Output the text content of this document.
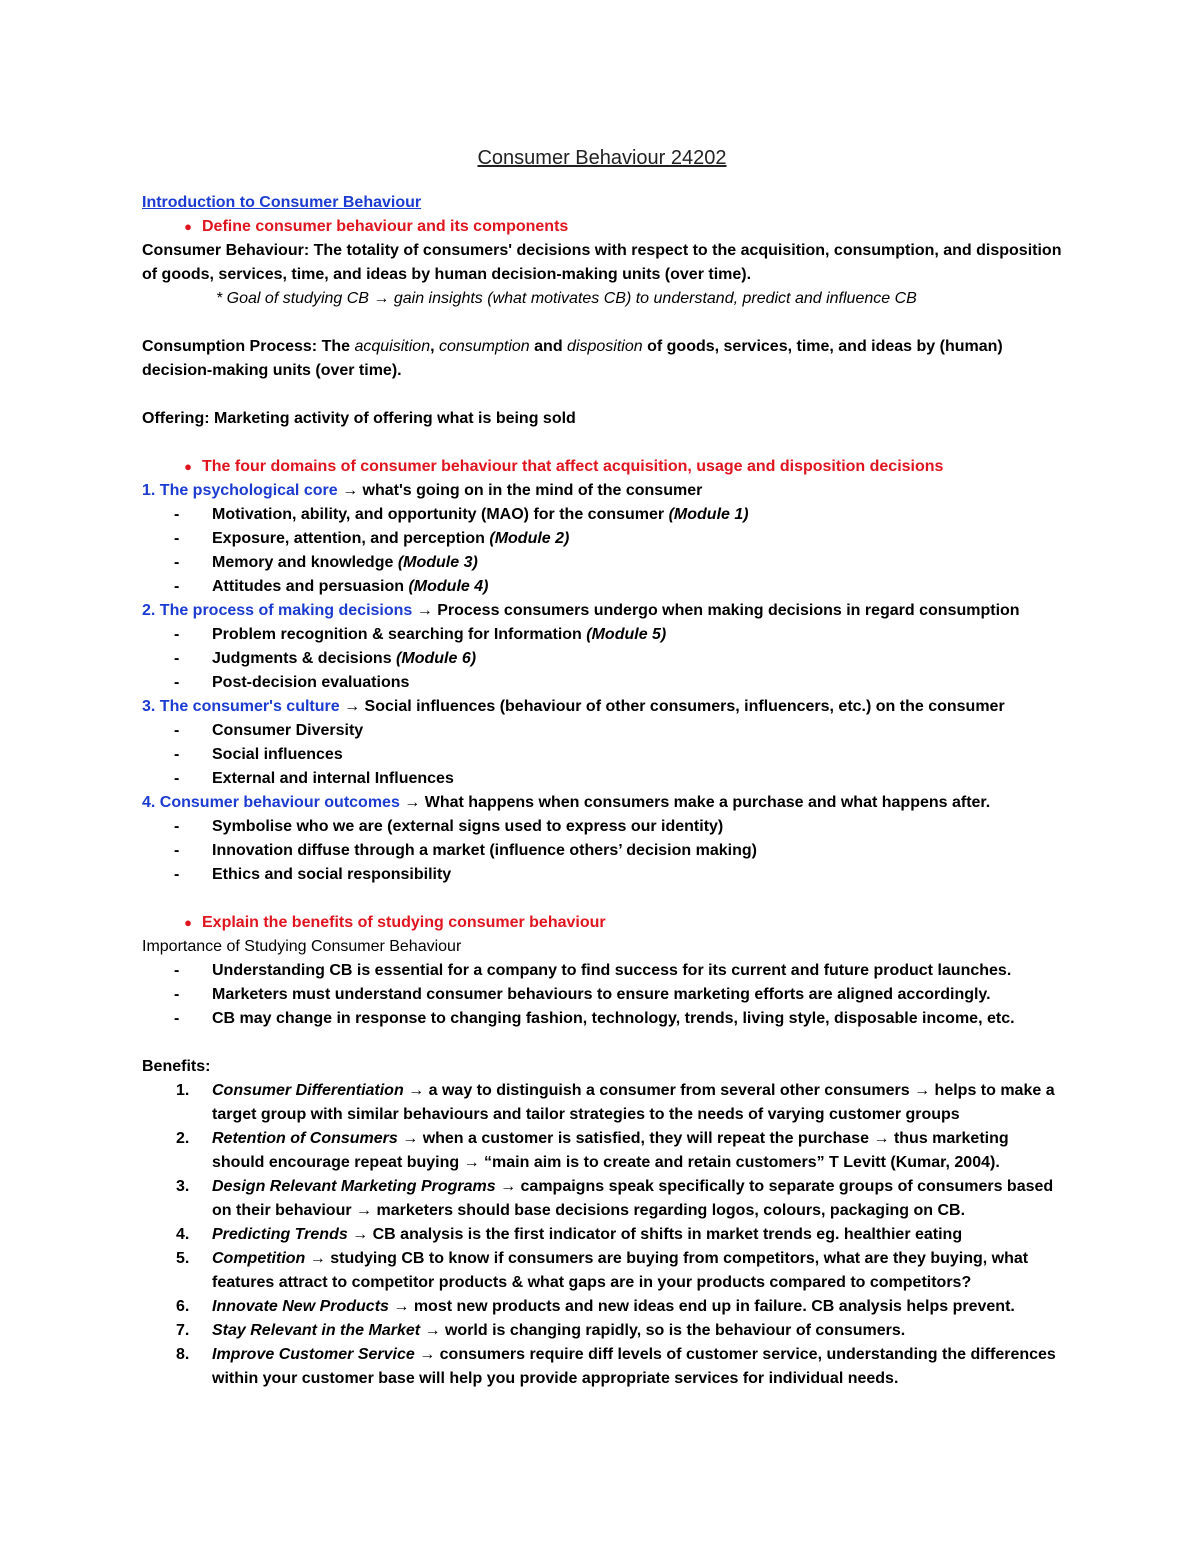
Consumer Behaviour 24202
Introduction to Consumer Behaviour
● Define consumer behaviour and its components
Consumer Behaviour: The totality of consumers' decisions with respect to the acquisition, consumption, and disposition of goods, services, time, and ideas by human decision-making units (over time).
* Goal of studying CB → gain insights (what motivates CB) to understand, predict and influence CB
Consumption Process: The acquisition, consumption and disposition of goods, services, time, and ideas by (human) decision-making units (over time).
Offering: Marketing activity of offering what is being sold
● The four domains of consumer behaviour that affect acquisition, usage and disposition decisions
1. The psychological core → what's going on in the mind of the consumer
-	Motivation, ability, and opportunity (MAO) for the consumer (Module 1)
-	Exposure, attention, and perception (Module 2)
-	Memory and knowledge (Module 3)
-	Attitudes and persuasion (Module 4)
2. The process of making decisions → Process consumers undergo when making decisions in regard consumption
-	Problem recognition & searching for Information (Module 5)
-	Judgments & decisions (Module 6)
-	Post-decision evaluations
3. The consumer's culture → Social influences (behaviour of other consumers, influencers, etc.) on the consumer
-	Consumer Diversity
-	Social influences
-	External and internal Influences
4. Consumer behaviour outcomes → What happens when consumers make a purchase and what happens after.
-	Symbolise who we are (external signs used to express our identity)
-	Innovation diffuse through a market (influence others’ decision making)
-	Ethics and social responsibility
● Explain the benefits of studying consumer behaviour
Importance of Studying Consumer Behaviour
-	Understanding CB is essential for a company to find success for its current and future product launches.
-	Marketers must understand consumer behaviours to ensure marketing efforts are aligned accordingly.
-	CB may change in response to changing fashion, technology, trends, living style, disposable income, etc.
Benefits:
1.	Consumer Differentiation → a way to distinguish a consumer from several other consumers → helps to make a target group with similar behaviours and tailor strategies to the needs of varying customer groups
2.	Retention of Consumers → when a customer is satisfied, they will repeat the purchase → thus marketing should encourage repeat buying → “main aim is to create and retain customers” T Levitt (Kumar, 2004).
3.	Design Relevant Marketing Programs → campaigns speak specifically to separate groups of consumers based on their behaviour → marketers should base decisions regarding logos, colours, packaging on CB.
4.	Predicting Trends → CB analysis is the first indicator of shifts in market trends eg. healthier eating
5.	Competition → studying CB to know if consumers are buying from competitors, what are they buying, what features attract to competitor products & what gaps are in your products compared to competitors?
6.	Innovate New Products → most new products and new ideas end up in failure. CB analysis helps prevent.
7.	Stay Relevant in the Market → world is changing rapidly, so is the behaviour of consumers.
8.	Improve Customer Service → consumers require diff levels of customer service, understanding the differences within your customer base will help you provide appropriate services for individual needs.
